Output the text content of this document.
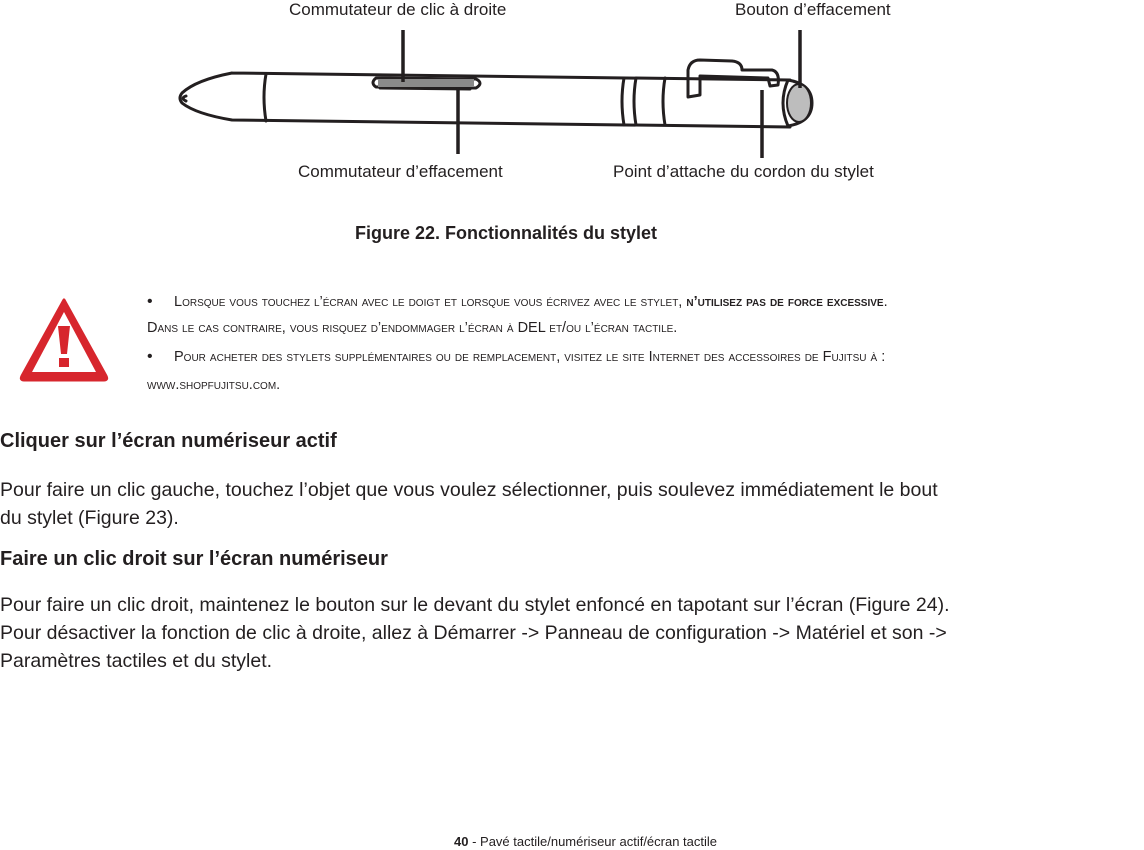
Commutateur de clic à droite	Bouton d’effacement
Commutateur d’effacement	Point d’attache du cordon du stylet
Figure 22. Fonctionnalités du stylet
• Lorsque vous touchez l’écran avec le doigt et lorsque vous écrivez avec le stylet, n’utilisez pas de force excessive.
Dans le cas contraire, vous risquez d’endommager l’écran à DEL et/ou l’écran tactile.
• Pour acheter des stylets supplémentaires ou de remplacement, visitez le site Internet des accessoires de Fujitsu à :
www.shopfujitsu.com.
Cliquer sur l’écran numériseur actif
Pour faire un clic gauche, touchez l’objet que vous voulez sélectionner, puis soulevez immédiatement le bout
du stylet (Figure 23).
Faire un clic droit sur l’écran numériseur
Pour faire un clic droit, maintenez le bouton sur le devant du stylet enfoncé en tapotant sur l’écran (Figure 24).
Pour désactiver la fonction de clic à droite, allez à Démarrer -> Panneau de configuration -> Matériel et son ->
Paramètres tactiles et du stylet.
40 - Pavé tactile/numériseur actif/écran tactile
